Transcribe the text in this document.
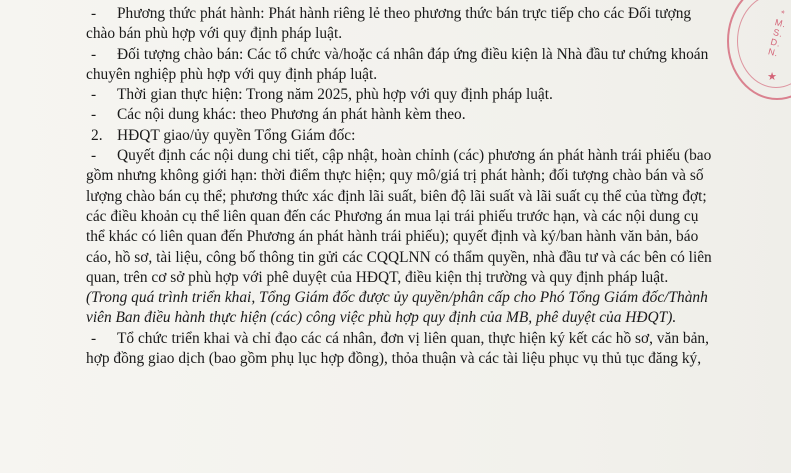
* M.S.D.N.
★
- Phương thức phát hành: Phát hành riêng lẻ theo phương thức bán trực tiếp cho các Đối tượng
chào bán phù hợp với quy định pháp luật.
- Đối tượng chào bán: Các tổ chức và/hoặc cá nhân đáp ứng điều kiện là Nhà đầu tư chứng khoán
chuyên nghiệp phù hợp với quy định pháp luật.
- Thời gian thực hiện: Trong năm 2025, phù hợp với quy định pháp luật.
- Các nội dung khác: theo Phương án phát hành kèm theo.
2. HĐQT giao/ủy quyền Tổng Giám đốc:
- Quyết định các nội dung chi tiết, cập nhật, hoàn chỉnh (các) phương án phát hành trái phiếu (bao
gồm nhưng không giới hạn: thời điểm thực hiện; quy mô/giá trị phát hành; đối tượng chào bán và số
lượng chào bán cụ thể; phương thức xác định lãi suất, biên độ lãi suất và lãi suất cụ thể của từng đợt;
các điều khoản cụ thể liên quan đến các Phương án mua lại trái phiếu trước hạn, và các nội dung cụ
thể khác có liên quan đến Phương án phát hành trái phiếu); quyết định và ký/ban hành văn bản, báo
cáo, hồ sơ, tài liệu, công bố thông tin gửi các CQQLNN có thẩm quyền, nhà đầu tư và các bên có liên
quan, trên cơ sở phù hợp với phê duyệt của HĐQT, điều kiện thị trường và quy định pháp luật.
(Trong quá trình triển khai, Tổng Giám đốc được ủy quyền/phân cấp cho Phó Tổng Giám đốc/Thành
viên Ban điều hành thực hiện (các) công việc phù hợp quy định của MB, phê duyệt của HĐQT).
- Tổ chức triển khai và chỉ đạo các cá nhân, đơn vị liên quan, thực hiện ký kết các hồ sơ, văn bản,
hợp đồng giao dịch (bao gồm phụ lục hợp đồng), thỏa thuận và các tài liệu phục vụ thủ tục đăng ký,
